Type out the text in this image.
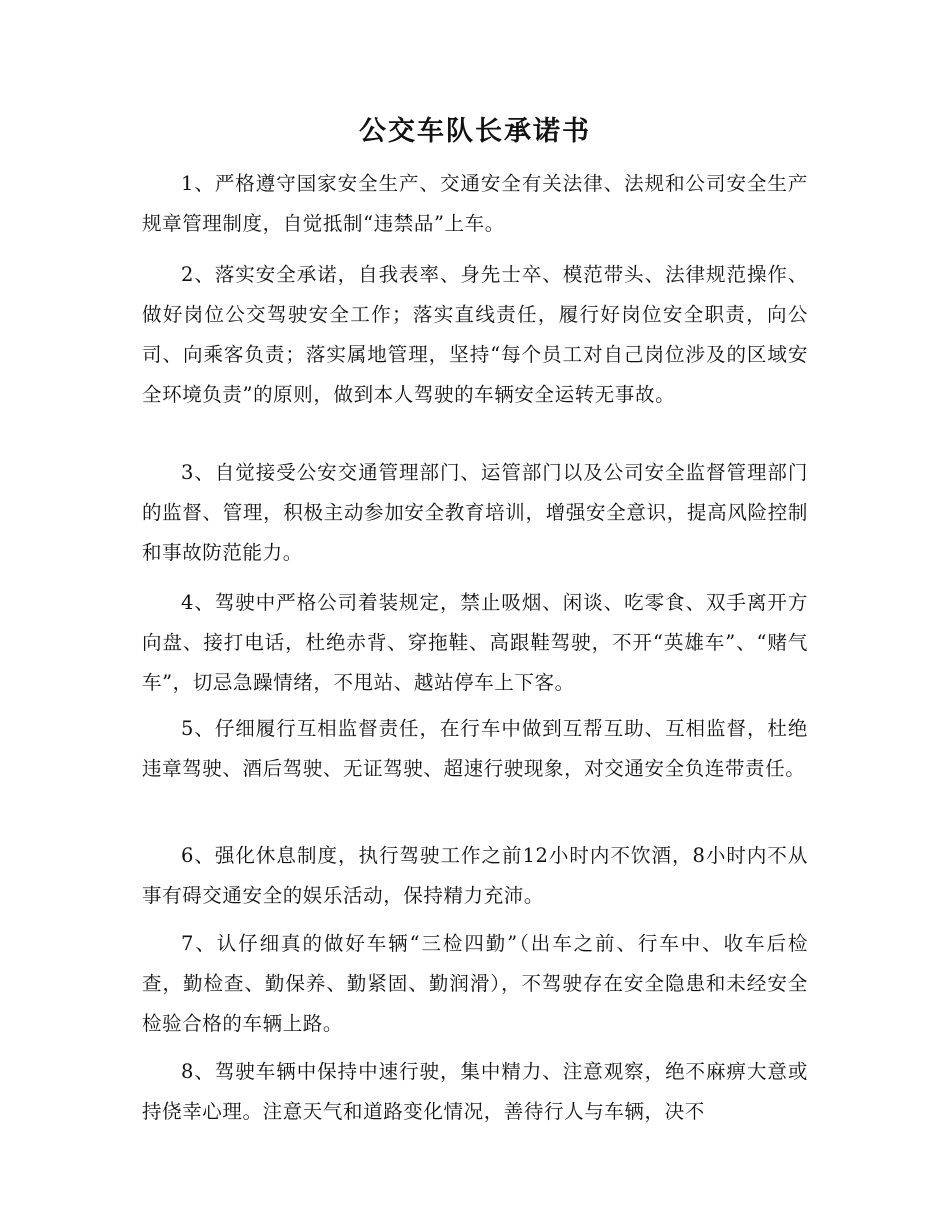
公交车队长承诺书

1、严格遵守国家安全生产、交通安全有关法律、法规和公司安全生产规章管理制度，自觉抵制“违禁品”上车。

2、落实安全承诺，自我表率、身先士卒、模范带头、法律规范操作、做好岗位公交驾驶安全工作；落实直线责任，履行好岗位安全职责，向公司、向乘客负责；落实属地管理，坚持“每个员工对自己岗位涉及的区域安全环境负责”的原则，做到本人驾驶的车辆安全运转无事故。

3、自觉接受公安交通管理部门、运管部门以及公司安全监督管理部门的监督、管理，积极主动参加安全教育培训，增强安全意识，提高风险控制和事故防范能力。

4、驾驶中严格公司着装规定，禁止吸烟、闲谈、吃零食、双手离开方向盘、接打电话，杜绝赤背、穿拖鞋、高跟鞋驾驶，不开“英雄车”、“赌气车”，切忌急躁情绪，不甩站、越站停车上下客。

5、仔细履行互相监督责任，在行车中做到互帮互助、互相监督，杜绝违章驾驶、酒后驾驶、无证驾驶、超速行驶现象，对交通安全负连带责任。

6、强化休息制度，执行驾驶工作之前12小时内不饮酒，8小时内不从事有碍交通安全的娱乐活动，保持精力充沛。

7、认仔细真的做好车辆“三检四勤”（出车之前、行车中、收车后检查，勤检查、勤保养、勤紧固、勤润滑），不驾驶存在安全隐患和未经安全检验合格的车辆上路。

8、驾驶车辆中保持中速行驶，集中精力、注意观察，绝不麻痹大意或持侥幸心理。注意天气和道路变化情况，善待行人与车辆，决不
